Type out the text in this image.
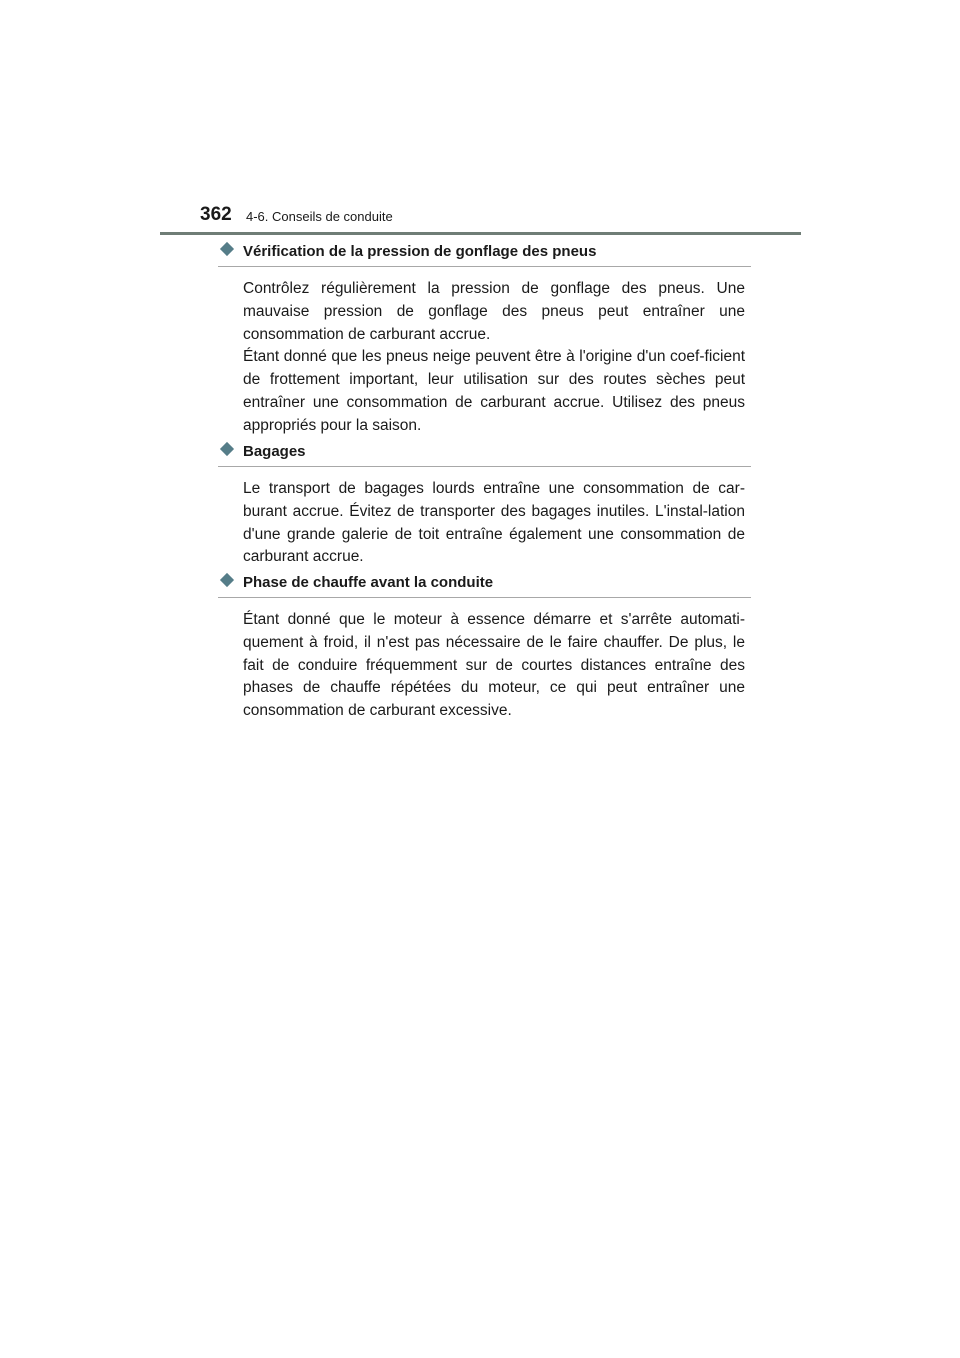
362 4-6. Conseils de conduite
Vérification de la pression de gonflage des pneus
Contrôlez régulièrement la pression de gonflage des pneus. Une mauvaise pression de gonflage des pneus peut entraîner une consommation de carburant accrue.
Étant donné que les pneus neige peuvent être à l'origine d'un coef-ficient de frottement important, leur utilisation sur des routes sèches peut entraîner une consommation de carburant accrue. Utilisez des pneus appropriés pour la saison.
Bagages
Le transport de bagages lourds entraîne une consommation de car-burant accrue. Évitez de transporter des bagages inutiles. L'instal-lation d'une grande galerie de toit entraîne également une consommation de carburant accrue.
Phase de chauffe avant la conduite
Étant donné que le moteur à essence démarre et s'arrête automati-quement à froid, il n'est pas nécessaire de le faire chauffer. De plus, le fait de conduire fréquemment sur de courtes distances entraîne des phases de chauffe répétées du moteur, ce qui peut entraîner une consommation de carburant excessive.
